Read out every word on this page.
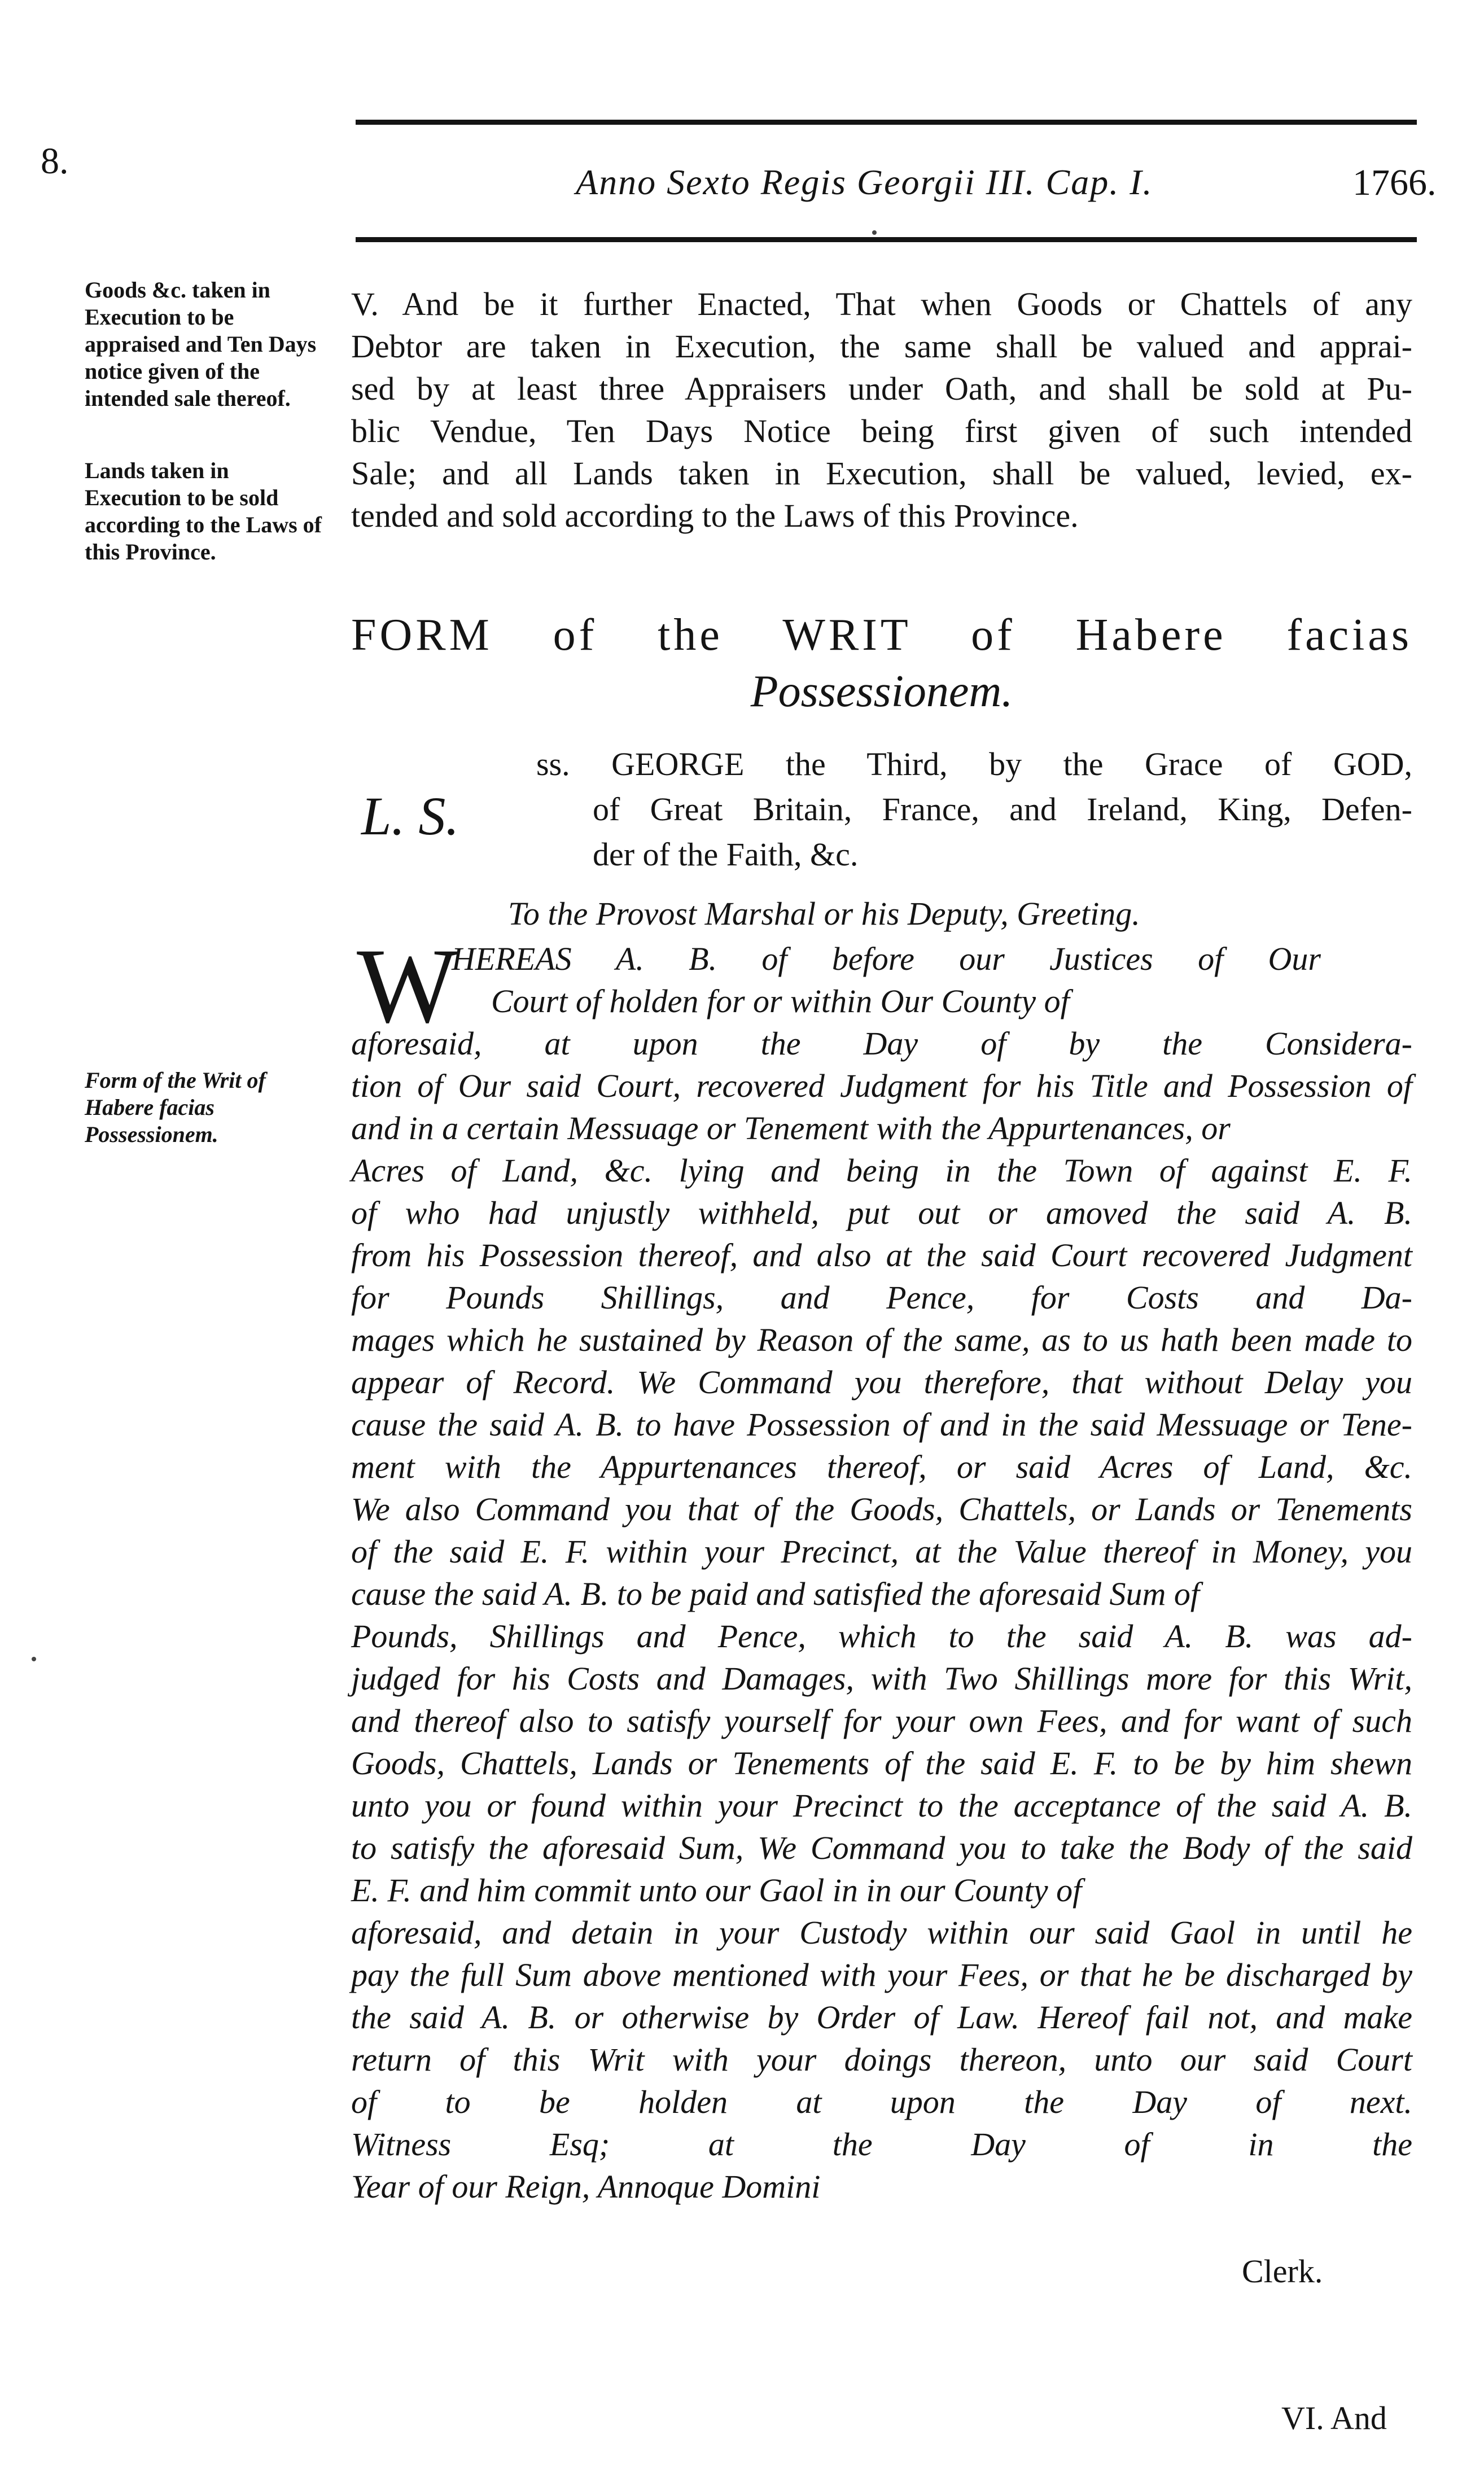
8.
Anno Sexto Regis Georgii III. Cap. I.	1766.
Goods &c. taken in Execution to be appraised and Ten Days notice given of the intended sale thereof.
Lands taken in Execution to be sold according to the Laws of this Province.
Form of the Writ of Habere facias Possessionem.
V. And be it further Enacted, That when Goods or Chattels of any
Debtor are taken in Execution, the same shall be valued and apprai-
sed by at least three Appraisers under Oath, and shall be sold at Pu-
blic Vendue, Ten Days Notice being first given of such intended
Sale; and all Lands taken in Execution, shall be valued, levied, ex-
tended and sold according to the Laws of this Province.
FORM of the WRIT of Habere facias
Possessionem.
L. S.
ss. GEORGE the Third, by the Grace of GOD,
of Great Britain, France, and Ireland, King, Defen-
der of the Faith, &c.
To the Provost Marshal or his Deputy, Greeting.
W
HEREAS A. B. of before our Justices of Our
Court of holden for or within Our County of
aforesaid, at upon the Day of by the Considera-
tion of Our said Court, recovered Judgment for his Title and Possession of
and in a certain Messuage or Tenement with the Appurtenances, or
Acres of Land, &c. lying and being in the Town of against E. F.
of who had unjustly withheld, put out or amoved the said A. B.
from his Possession thereof, and also at the said Court recovered Judgment
for Pounds Shillings, and Pence, for Costs and Da-
mages which he sustained by Reason of the same, as to us hath been made to
appear of Record. We Command you therefore, that without Delay you
cause the said A. B. to have Possession of and in the said Messuage or Tene-
ment with the Appurtenances thereof, or said Acres of Land, &c.
We also Command you that of the Goods, Chattels, or Lands or Tenements
of the said E. F. within your Precinct, at the Value thereof in Money, you
cause the said A. B. to be paid and satisfied the aforesaid Sum of
Pounds, Shillings and Pence, which to the said A. B. was ad-
judged for his Costs and Damages, with Two Shillings more for this Writ,
and thereof also to satisfy yourself for your own Fees, and for want of such
Goods, Chattels, Lands or Tenements of the said E. F. to be by him shewn
unto you or found within your Precinct to the acceptance of the said A. B.
to satisfy the aforesaid Sum, We Command you to take the Body of the said
E. F. and him commit unto our Gaol in in our County of
aforesaid, and detain in your Custody within our said Gaol in until he
pay the full Sum above mentioned with your Fees, or that he be discharged by
the said A. B. or otherwise by Order of Law. Hereof fail not, and make
return of this Writ with your doings thereon, unto our said Court
of to be holden at upon the Day of next.
Witness Esq; at the Day of in the
Year of our Reign, Annoque Domini
Clerk.
VI. And
